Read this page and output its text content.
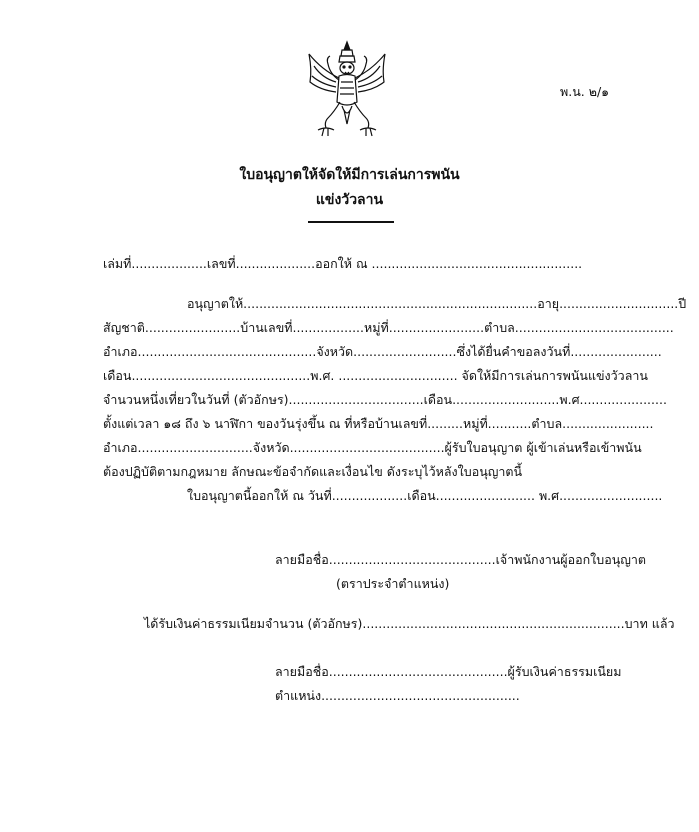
พ.น. ๒/๑
ใบอนุญาตให้จัดให้มีการเล่นการพนัน
แข่งวัวลาน
เล่มที่...................เลขที่....................ออกให้ ณ .....................................................
อนุญาตให้..........................................................................อายุ..............................ปี
สัญชาติ........................บ้านเลขที่..................หมู่ที่........................ตำบล........................................
อำเภอ.............................................จังหวัด..........................ซึ่งได้ยื่นคำขอลงวันที่.......................
เดือน.............................................พ.ศ. .............................. จัดให้มีการเล่นการพนันแข่งวัวลาน
จำนวนหนึ่งเที่ยวในวันที่ (ตัวอักษร)..................................เดือน...........................พ.ศ......................
ตั้งแต่เวลา ๑๘ ถึง ๖ นาฬิกา ของวันรุ่งขึ้น ณ ที่หรือบ้านเลขที่.........หมู่ที่...........ตำบล.......................
อำเภอ.............................จังหวัด.......................................ผู้รับใบอนุญาต ผู้เข้าเล่นหรือเข้าพนัน
ต้องปฏิบัติตามกฎหมาย ลักษณะข้อจำกัดและเงื่อนไข ดังระบุไว้หลังใบอนุญาตนี้
ใบอนุญาตนี้ออกให้ ณ วันที่...................เดือน......................... พ.ศ..........................
ลายมือชื่อ..........................................เจ้าพนักงานผู้ออกใบอนุญาต
(ตราประจำตำแหน่ง)
ได้รับเงินค่าธรรมเนียมจำนวน (ตัวอักษร)..................................................................บาท แล้ว
ลายมือชื่อ.............................................ผู้รับเงินค่าธรรมเนียม
ตำแหน่ง..................................................
